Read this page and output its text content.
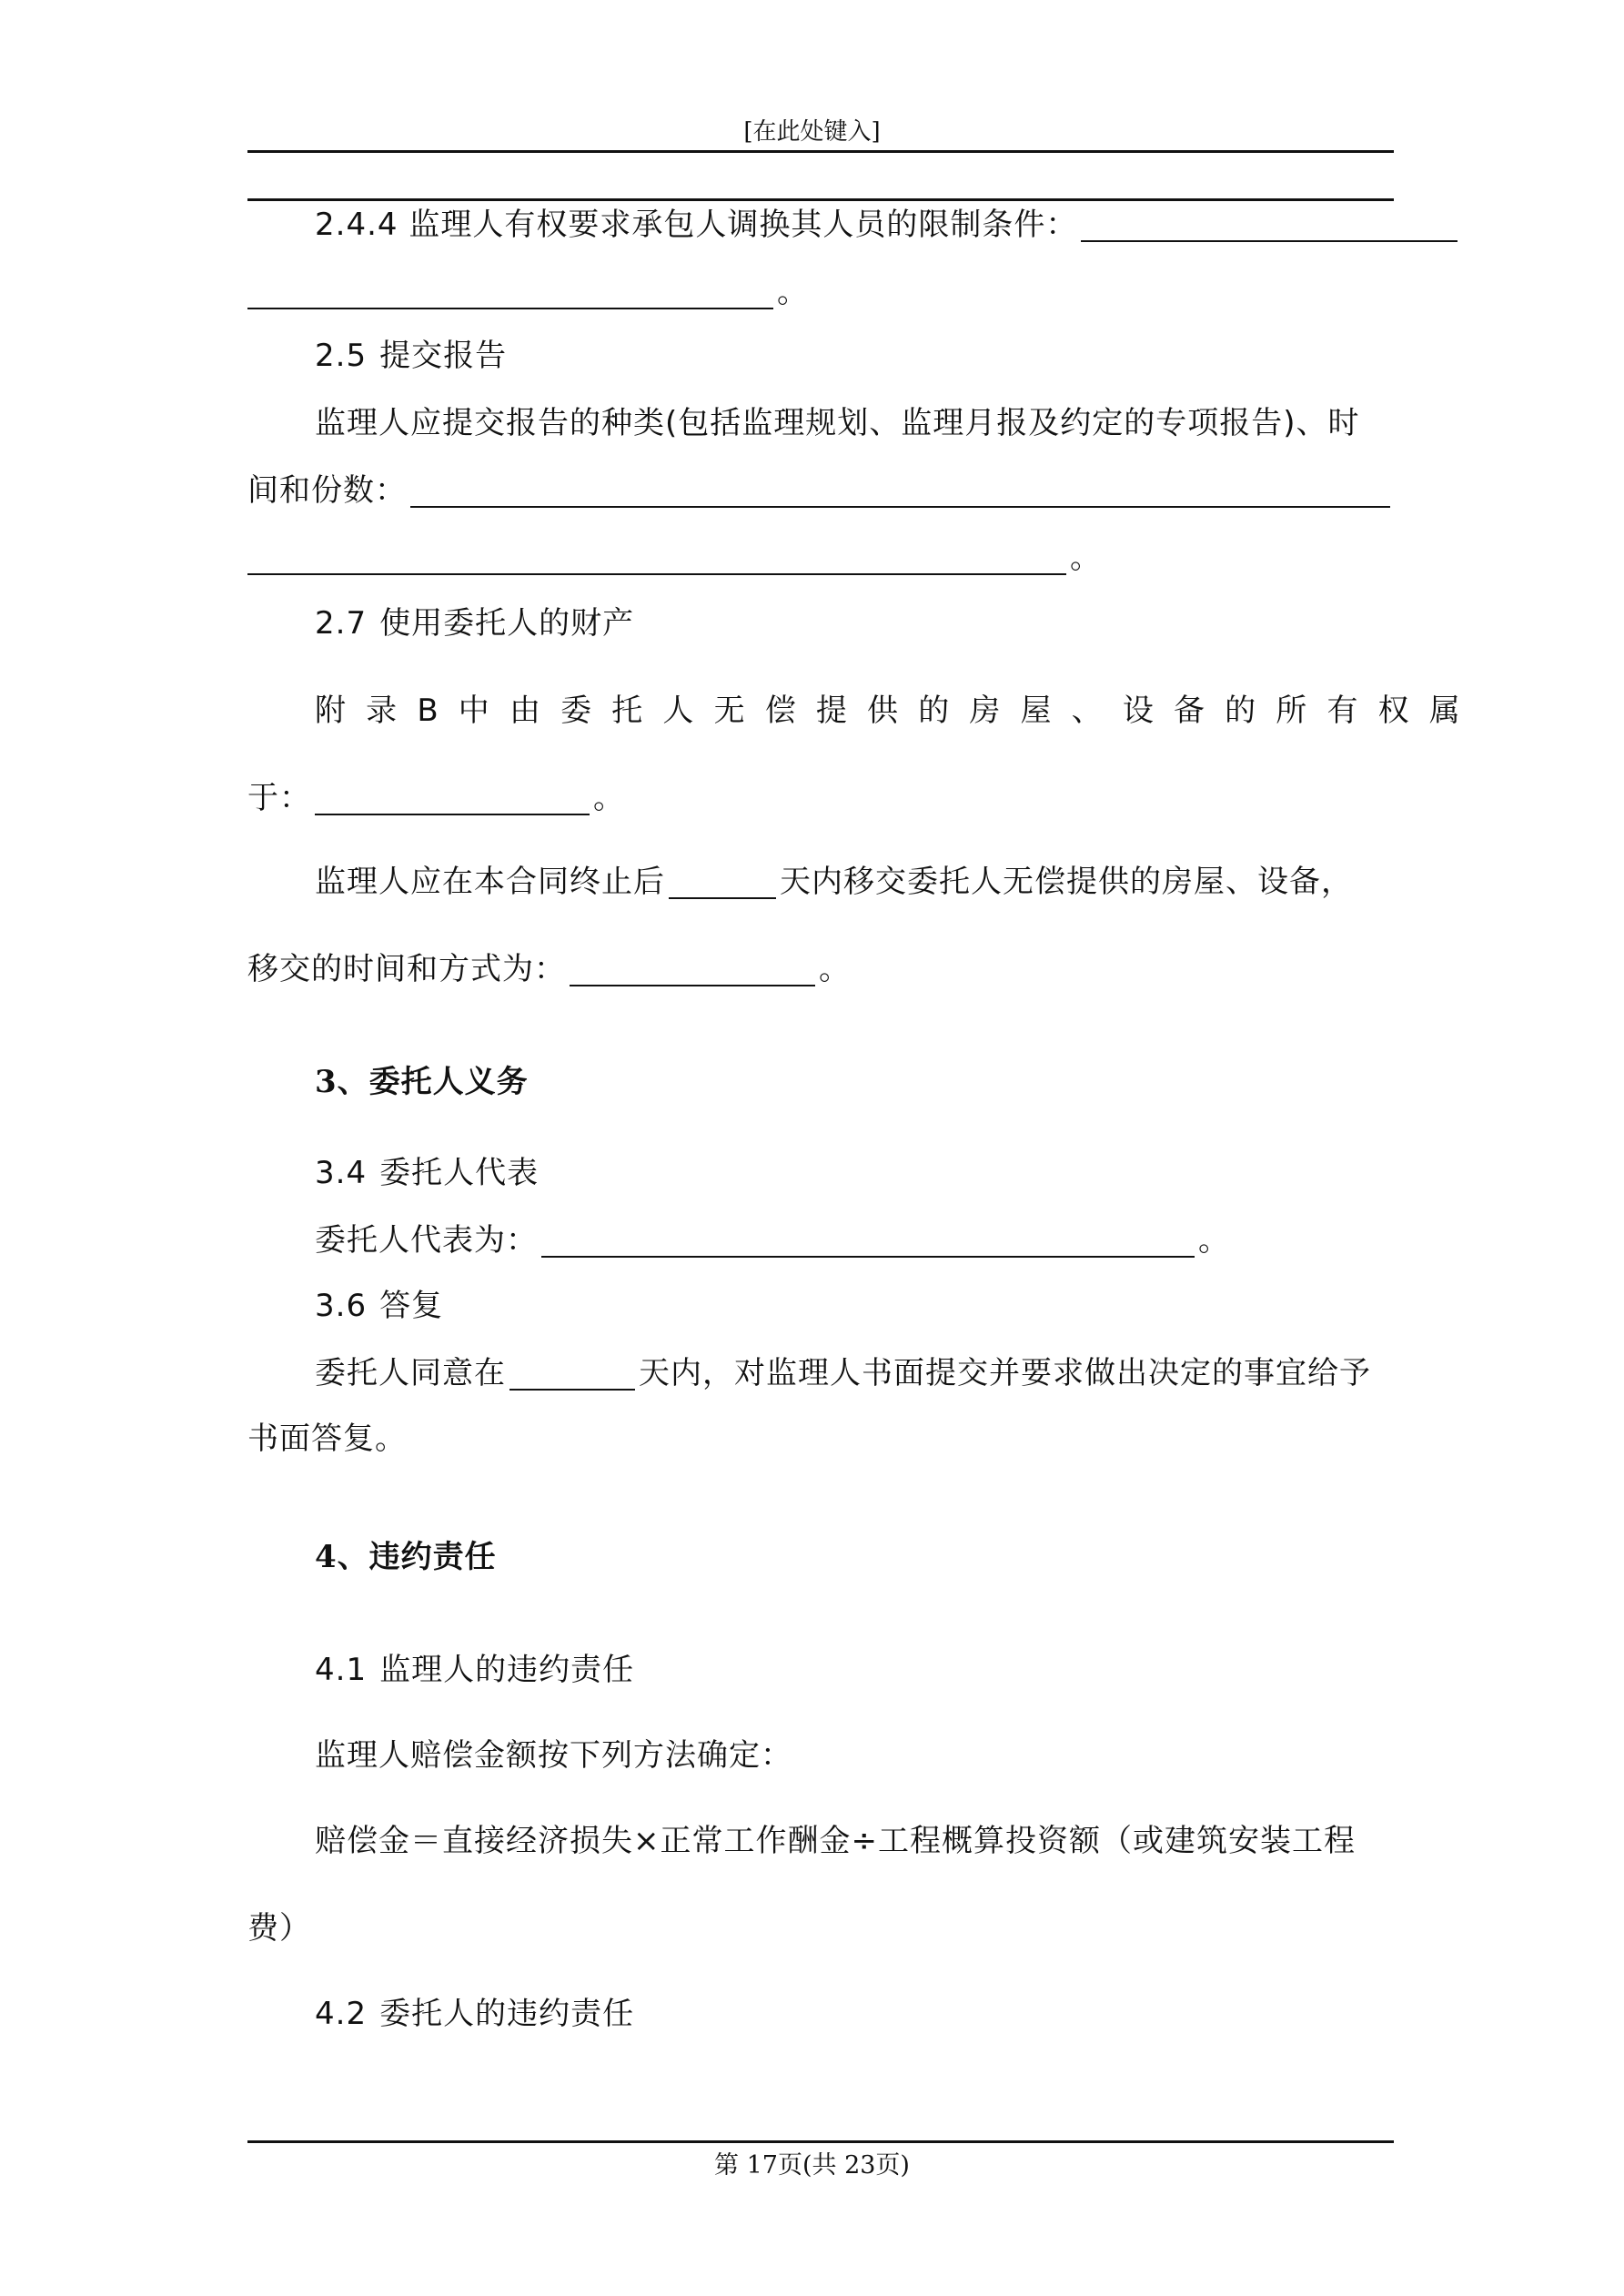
[在此处键入]
2.4.4 监理人有权要求承包人调换其人员的限制条件：
。
2.5 提交报告
监理人应提交报告的种类(包括监理规划、监理月报及约定的专项报告)、时
间和份数：
。
2.7 使用委托人的财产
附 录 B 中 由 委 托 人 无 偿 提 供 的 房 屋 、 设 备 的 所 有 权 属
于：	。
监理人应在本合同终止后	天内移交委托人无偿提供的房屋、设备，
移交的时间和方式为：	。
3、委托人义务
3.4 委托人代表
委托人代表为：	。
3.6 答复
委托人同意在	天内，对监理人书面提交并要求做出决定的事宜给予
书面答复。
4、违约责任
4.1 监理人的违约责任
监理人赔偿金额按下列方法确定：
赔偿金＝直接经济损失×正常工作酬金÷工程概算投资额（或建筑安装工程
费）
4.2 委托人的违约责任
第 17页(共 23页)
